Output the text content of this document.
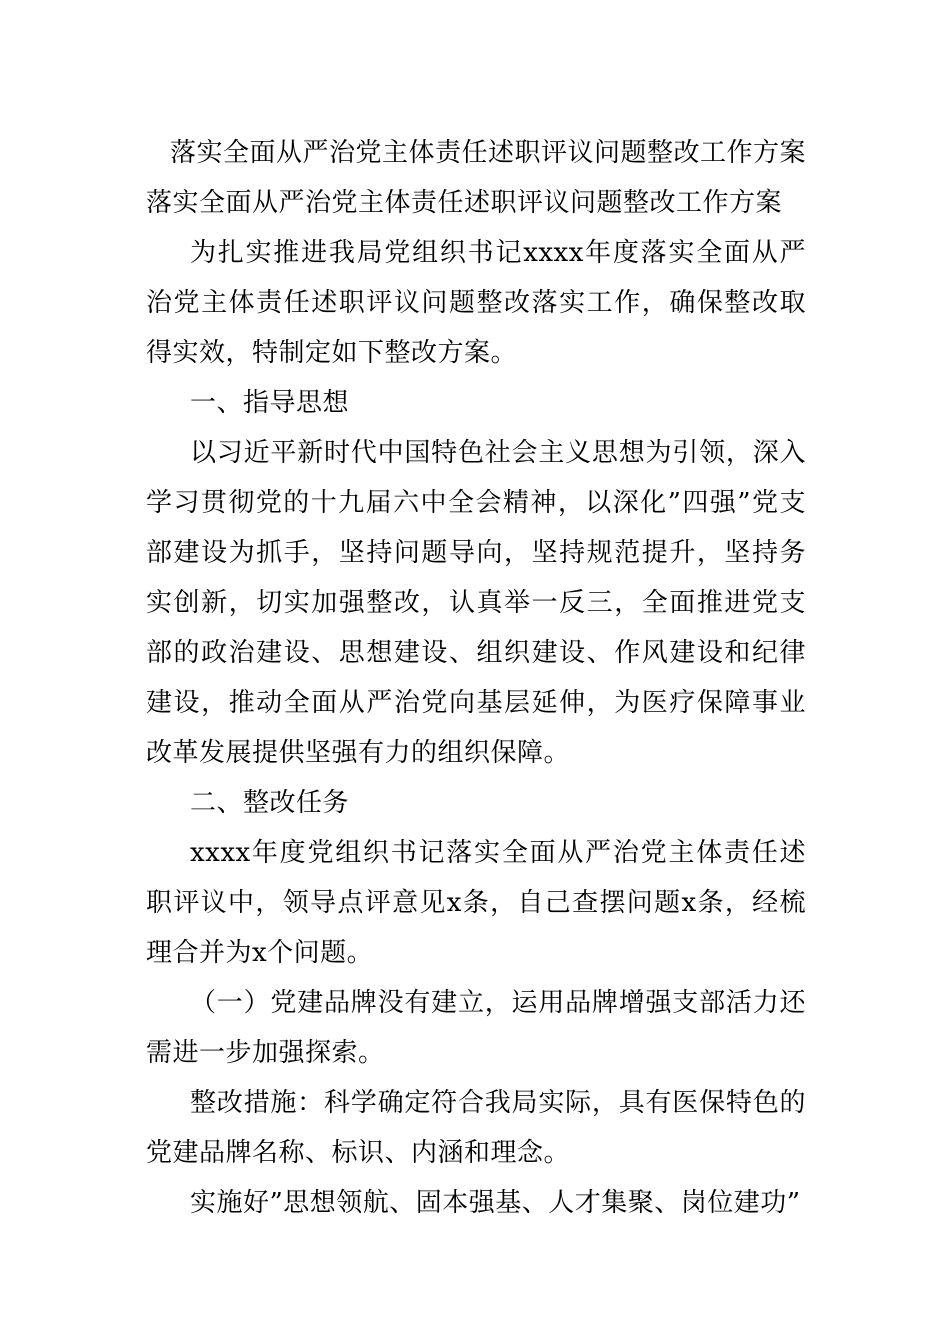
落实全面从严治党主体责任述职评议问题整改工作方案

落实全面从严治党主体责任述职评议问题整改工作方案

为扎实推进我局党组织书记xxxx年度落实全面从严治党主体责任述职评议问题整改落实工作，确保整改取得实效，特制定如下整改方案。

一、指导思想

以习近平新时代中国特色社会主义思想为引领，深入学习贯彻党的十九届六中全会精神，以深化”四强”党支部建设为抓手，坚持问题导向，坚持规范提升，坚持务实创新，切实加强整改，认真举一反三，全面推进党支部的政治建设、思想建设、组织建设、作风建设和纪律建设，推动全面从严治党向基层延伸，为医疗保障事业改革发展提供坚强有力的组织保障。

二、整改任务

xxxx年度党组织书记落实全面从严治党主体责任述职评议中，领导点评意见x条，自己查摆问题x条，经梳理合并为x个问题。

（一）党建品牌没有建立，运用品牌增强支部活力还需进一步加强探索。

整改措施：科学确定符合我局实际，具有医保特色的党建品牌名称、标识、内涵和理念。

实施好”思想领航、固本强基、人才集聚、岗位建功”
